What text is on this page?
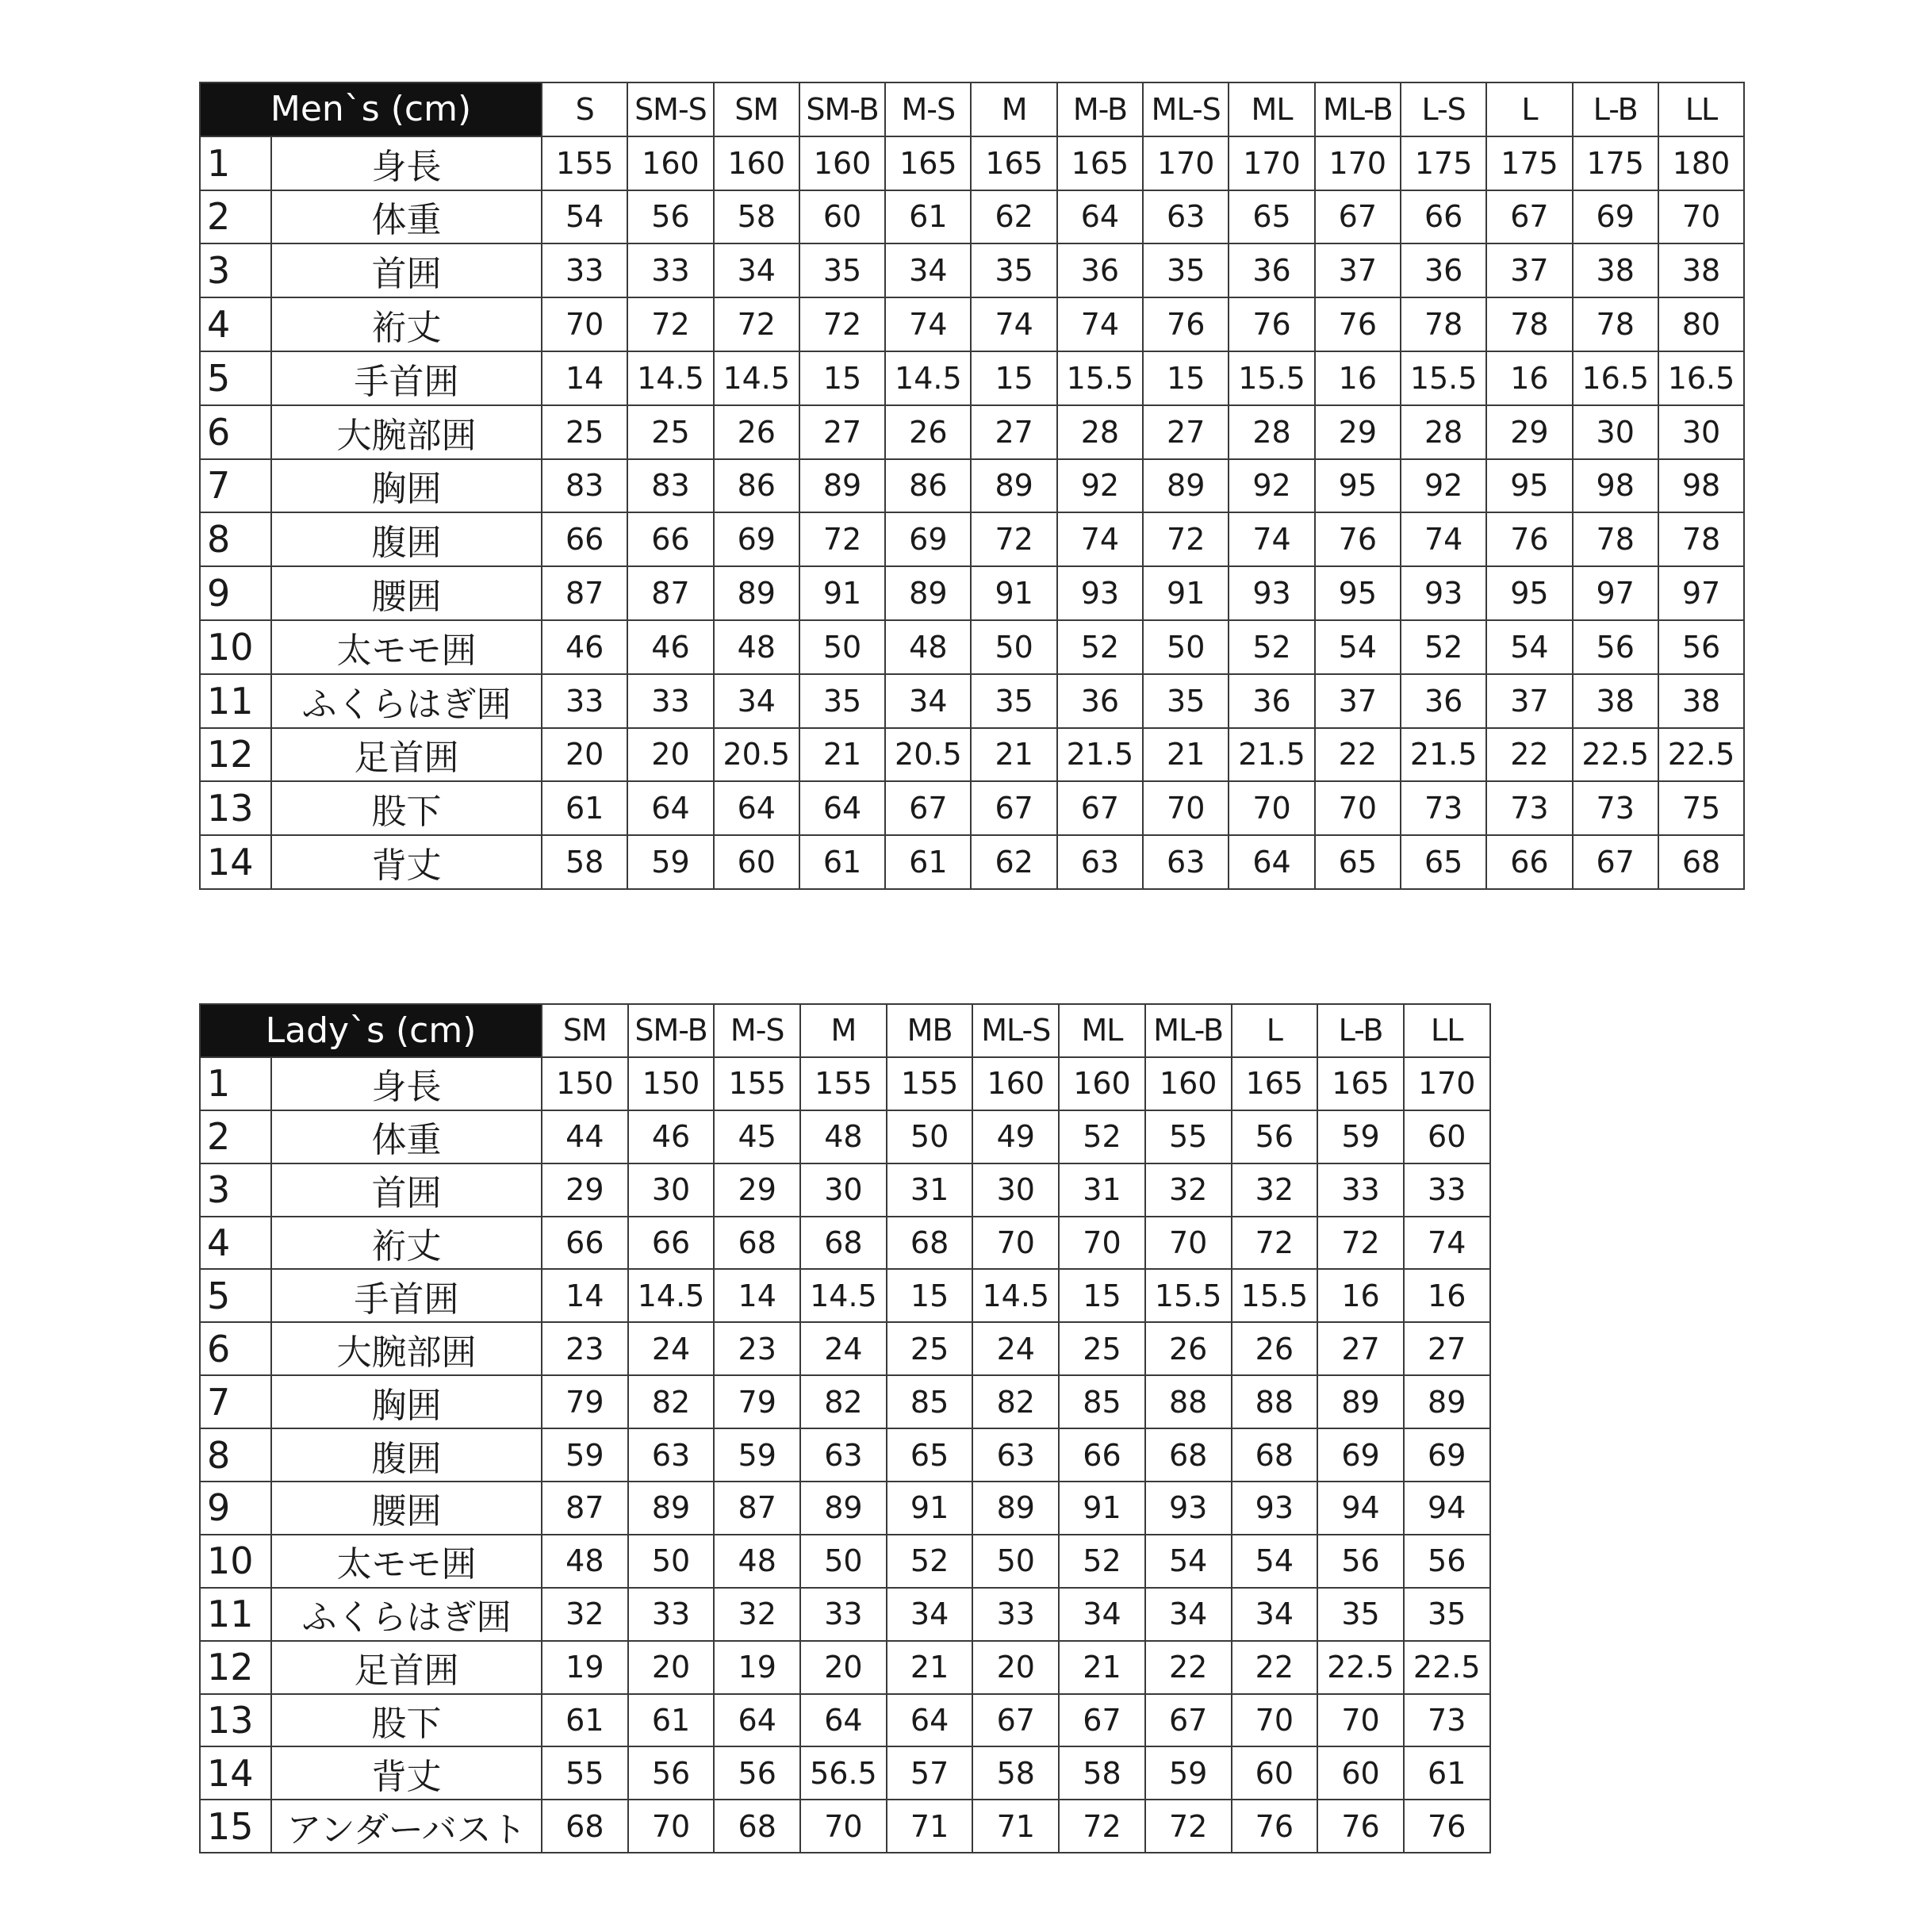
Men`s (cm)		S	SM-S	SM	SM-B	M-S	M	M-B	ML-S	ML	ML-B	L-S	L	L-B	LL
1	身長	155	160	160	160	165	165	165	170	170	170	175	175	175	180
2	体重	54	56	58	60	61	62	64	63	65	67	66	67	69	70
3	首囲	33	33	34	35	34	35	36	35	36	37	36	37	38	38
4	裄丈	70	72	72	72	74	74	74	76	76	76	78	78	78	80
5	手首囲	14	14.5	14.5	15	14.5	15	15.5	15	15.5	16	15.5	16	16.5	16.5
6	大腕部囲	25	25	26	27	26	27	28	27	28	29	28	29	30	30
7	胸囲	83	83	86	89	86	89	92	89	92	95	92	95	98	98
8	腹囲	66	66	69	72	69	72	74	72	74	76	74	76	78	78
9	腰囲	87	87	89	91	89	91	93	91	93	95	93	95	97	97
10	太モモ囲	46	46	48	50	48	50	52	50	52	54	52	54	56	56
11	ふくらはぎ囲	33	33	34	35	34	35	36	35	36	37	36	37	38	38
12	足首囲	20	20	20.5	21	20.5	21	21.5	21	21.5	22	21.5	22	22.5	22.5
13	股下	61	64	64	64	67	67	67	70	70	70	73	73	73	75
14	背丈	58	59	60	61	61	62	63	63	64	65	65	66	67	68
Lady`s (cm)		SM	SM-B	M-S	M	MB	ML-S	ML	ML-B	L	L-B	LL
1	身長	150	150	155	155	155	160	160	160	165	165	170
2	体重	44	46	45	48	50	49	52	55	56	59	60
3	首囲	29	30	29	30	31	30	31	32	32	33	33
4	裄丈	66	66	68	68	68	70	70	70	72	72	74
5	手首囲	14	14.5	14	14.5	15	14.5	15	15.5	15.5	16	16
6	大腕部囲	23	24	23	24	25	24	25	26	26	27	27
7	胸囲	79	82	79	82	85	82	85	88	88	89	89
8	腹囲	59	63	59	63	65	63	66	68	68	69	69
9	腰囲	87	89	87	89	91	89	91	93	93	94	94
10	太モモ囲	48	50	48	50	52	50	52	54	54	56	56
11	ふくらはぎ囲	32	33	32	33	34	33	34	34	34	35	35
12	足首囲	19	20	19	20	21	20	21	22	22	22.5	22.5
13	股下	61	61	64	64	64	67	67	67	70	70	73
14	背丈	55	56	56	56.5	57	58	58	59	60	60	61
15	アンダーバスト	68	70	68	70	71	71	72	72	76	76	76
